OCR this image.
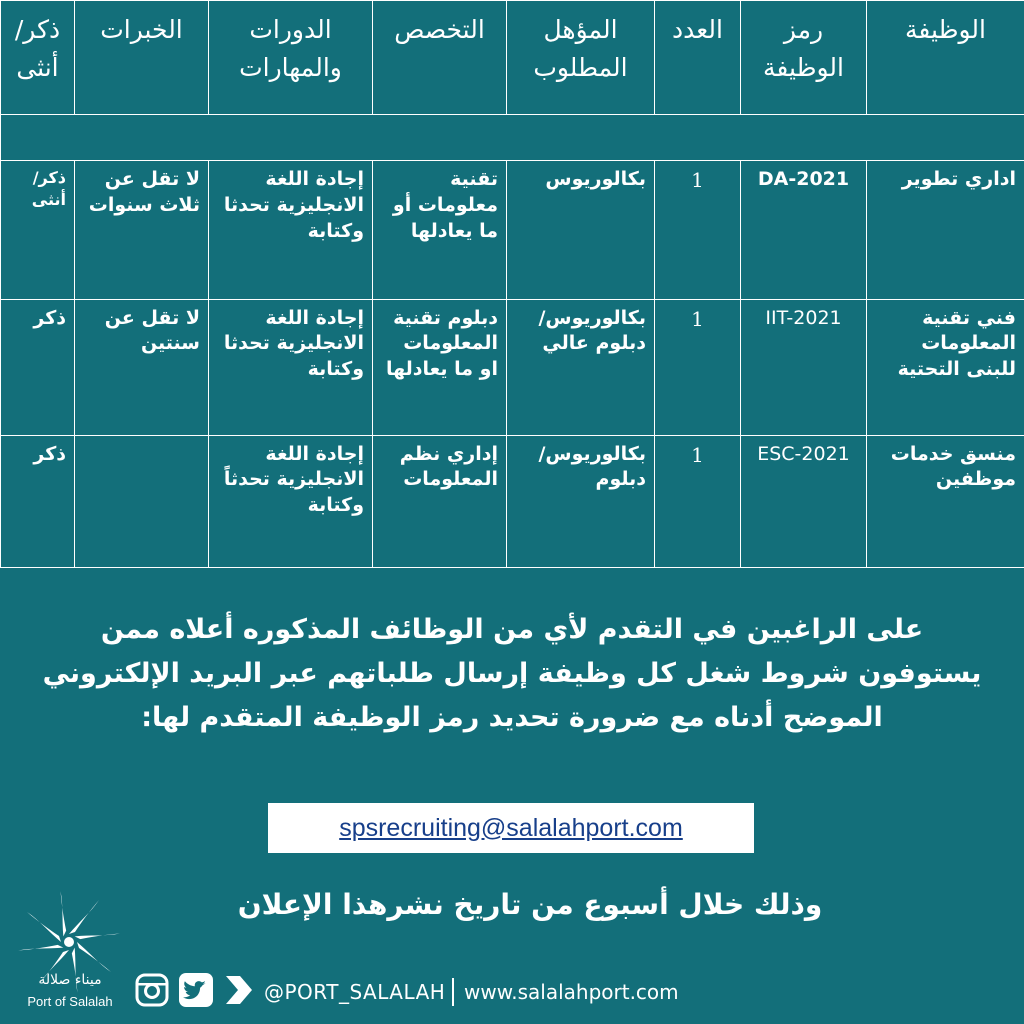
الوظيفة	رمز الوظيفة	العدد	المؤهل المطلوب	التخصص	الدورات والمهارات	الخبرات	ذكر/ أنثى

اداري تطوير	DA-2021	1	بكالوريوس	تقنية معلومات أو ما يعادلها	إجادة اللغة الانجليزية تحدثا وكتابة	لا تقل عن ثلاث سنوات	ذكر/ أنثى
فني تقنية المعلومات للبنى التحتية	IIT-2021	1	بكالوريوس/ دبلوم عالي	دبلوم تقنية المعلومات او ما يعادلها	إجادة اللغة الانجليزية تحدثا وكتابة	لا تقل عن سنتين	ذكر
منسق خدمات موظفين	ESC-2021	1	بكالوريوس/ دبلوم	إداري نظم المعلومات	إجادة اللغة الانجليزية تحدثاً وكتابة		ذكر
على الراغبين في التقدم لأي من الوظائف المذكوره أعلاه ممن يستوفون شروط شغل كل وظيفة إرسال طلباتهم عبر البريد الإلكتروني الموضح أدناه مع ضرورة تحديد رمز الوظيفة المتقدم لها:
spsrecruiting@salalahport.com
وذلك خلال أسبوع من تاريخ نشرهذا الإعلان
ميناء صلالة
Port of Salalah	@PORT_SALALAH www.salalahport.com
